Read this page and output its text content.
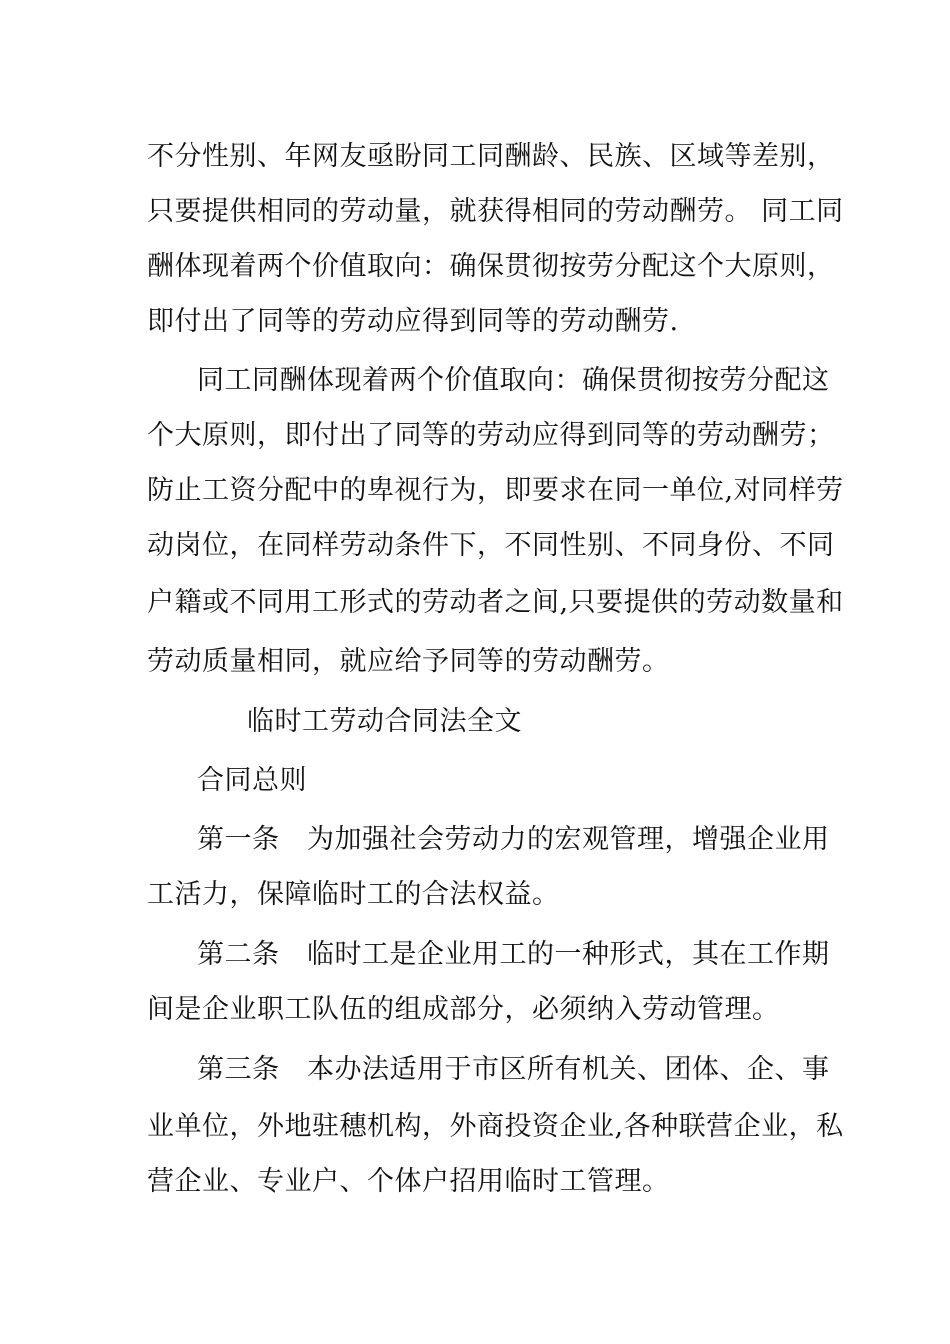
不分性别、年网友亟盼同工同酬龄、民族、区域等差别，
只要提供相同的劳动量，就获得相同的劳动酬劳。 同工同
酬体现着两个价值取向：确保贯彻按劳分配这个大原则，
即付出了同等的劳动应得到同等的劳动酬劳.
同工同酬体现着两个价值取向：确保贯彻按劳分配这
个大原则，即付出了同等的劳动应得到同等的劳动酬劳；
防止工资分配中的卑视行为，即要求在同一单位,对同样劳
动岗位，在同样劳动条件下，不同性别、不同身份、不同
户籍或不同用工形式的劳动者之间,只要提供的劳动数量和
劳动质量相同，就应给予同等的劳动酬劳。
临时工劳动合同法全文
合同总则
第一条　为加强社会劳动力的宏观管理，增强企业用
工活力，保障临时工的合法权益。
第二条　临时工是企业用工的一种形式，其在工作期
间是企业职工队伍的组成部分，必须纳入劳动管理。
第三条　本办法适用于市区所有机关、团体、企、事
业单位，外地驻穗机构，外商投资企业,各种联营企业，私
营企业、专业户、个体户招用临时工管理。
